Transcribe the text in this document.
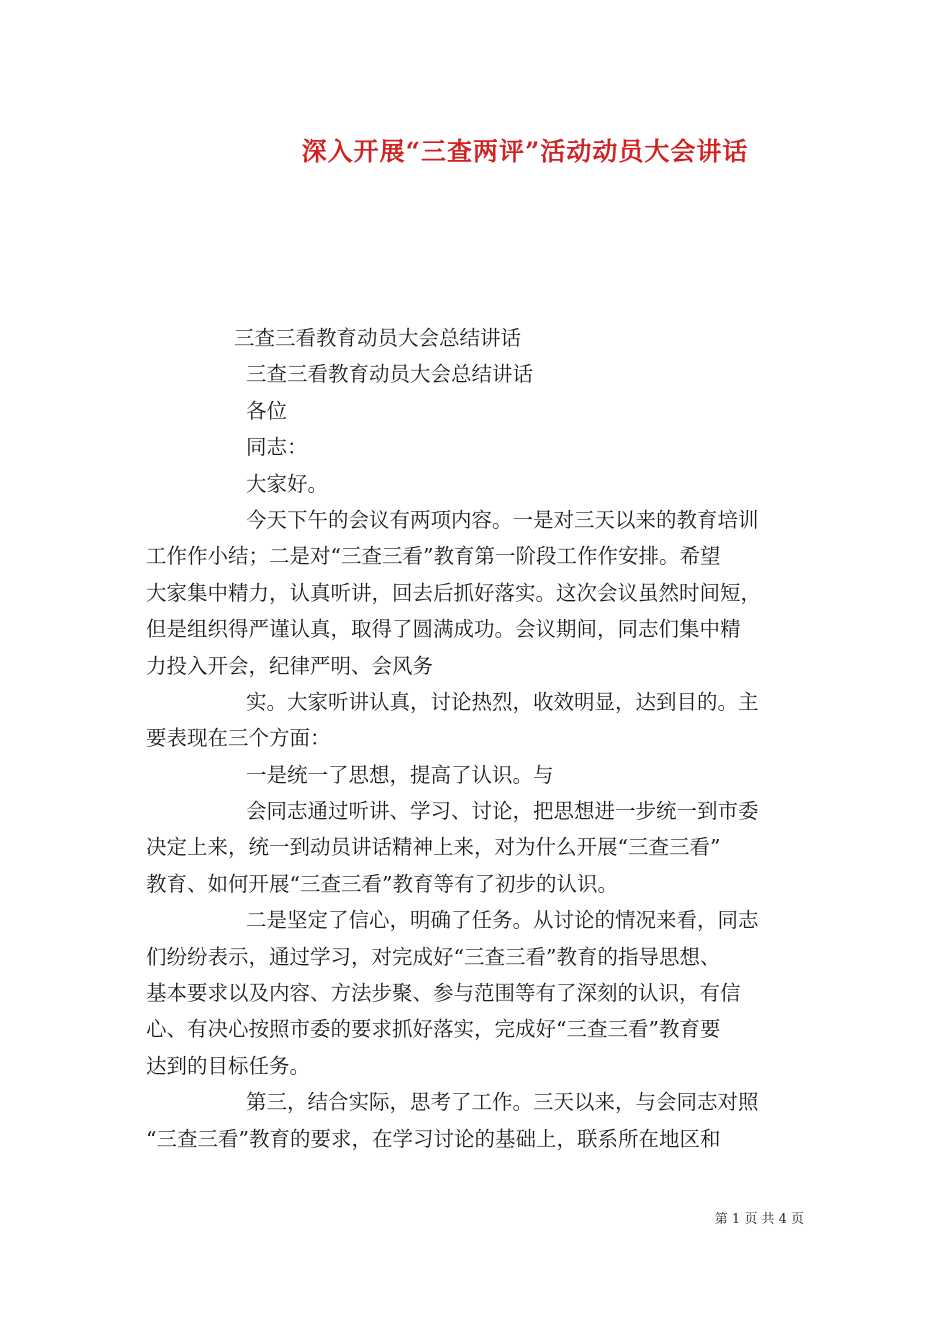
深入开展“三查两评”活动动员大会讲话
三查三看教育动员大会总结讲话
三查三看教育动员大会总结讲话
各位
同志：
大家好。
今天下午的会议有两项内容。一是对三天以来的教育培训
工作作小结；二是对“三查三看”教育第一阶段工作作安排。希望
大家集中精力，认真听讲，回去后抓好落实。这次会议虽然时间短，
但是组织得严谨认真，取得了圆满成功。会议期间，同志们集中精
力投入开会，纪律严明、会风务
实。大家听讲认真，讨论热烈，收效明显，达到目的。主
要表现在三个方面：
一是统一了思想，提高了认识。与
会同志通过听讲、学习、讨论，把思想进一步统一到市委
决定上来，统一到动员讲话精神上来，对为什么开展“三查三看”
教育、如何开展“三查三看”教育等有了初步的认识。
二是坚定了信心，明确了任务。从讨论的情况来看，同志
们纷纷表示，通过学习，对完成好“三查三看”教育的指导思想、
基本要求以及内容、方法步聚、参与范围等有了深刻的认识，有信
心、有决心按照市委的要求抓好落实，完成好“三查三看”教育要
达到的目标任务。
第三，结合实际，思考了工作。三天以来，与会同志对照
“三查三看”教育的要求，在学习讨论的基础上，联系所在地区和
第 1 页 共 4 页
